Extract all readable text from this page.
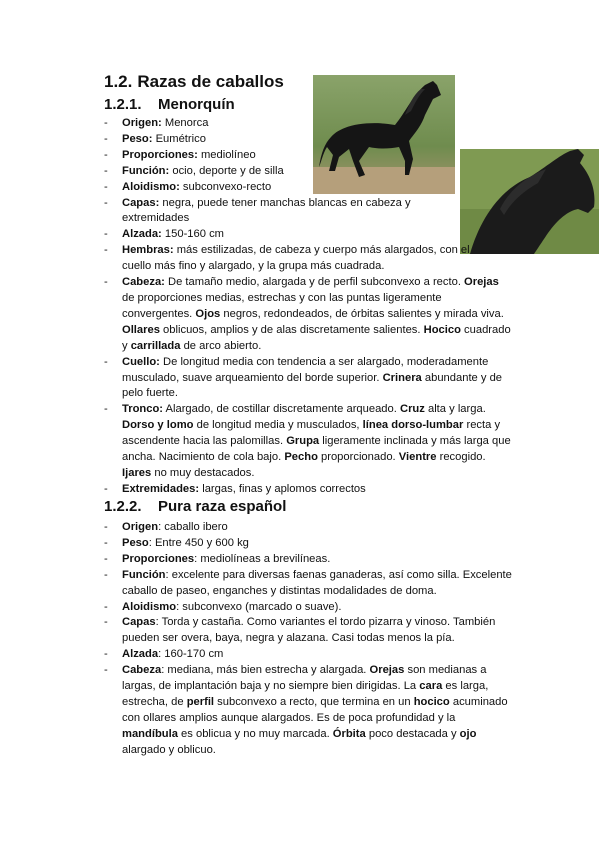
1.2. Razas de caballos
1.2.1. Menorquín
- Origen: Menorca
- Peso: Eumétrico
- Proporciones: mediolíneo
- Función: ocio, deporte y de silla
- Aloidismo: subconvexo-recto
- Capas: negra, puede tener manchas blancas en cabeza y extremidades
- Alzada: 150-160 cm
- Hembras: más estilizadas, de cabeza y cuerpo más alargados, con el cuello más fino y alargado, y la grupa más cuadrada.
- Cabeza: De tamaño medio, alargada y de perfil subconvexo a recto. Orejas de proporciones medias, estrechas y con las puntas ligeramente convergentes. Ojos negros, redondeados, de órbitas salientes y mirada viva. Ollares oblicuos, amplios y de alas discretamente salientes. Hocico cuadrado y carrillada de arco abierto.
- Cuello: De longitud media con tendencia a ser alargado, moderadamente musculado, suave arqueamiento del borde superior. Crinera abundante y de pelo fuerte.
- Tronco: Alargado, de costillar discretamente arqueado. Cruz alta y larga. Dorso y lomo de longitud media y musculados, línea dorso-lumbar recta y ascendente hacia las palomillas. Grupa ligeramente inclinada y más larga que ancha. Nacimiento de cola bajo. Pecho proporcionado. Vientre recogido. Ijares no muy destacados.
- Extremidades: largas, finas y aplomos correctos
1.2.2. Pura raza español
- Origen: caballo ibero
- Peso: Entre 450 y 600 kg
- Proporciones: mediolíneas a brevilíneas.
- Función: excelente para diversas faenas ganaderas, así como silla. Excelente caballo de paseo, enganches y distintas modalidades de doma.
- Aloidismo: subconvexo (marcado o suave).
- Capas: Torda y castaña. Como variantes el tordo pizarra y vinoso. También pueden ser overa, baya, negra y alazana. Casi todas menos la pía.
- Alzada: 160-170 cm
- Cabeza: mediana, más bien estrecha y alargada. Orejas son medianas a largas, de implantación baja y no siempre bien dirigidas. La cara es larga, estrecha, de perfil subconvexo a recto, que termina en un hocico acuminado con ollares amplios aunque alargados. Es de poca profundidad y la mandíbula es oblicua y no muy marcada. Órbita poco destacada y ojo alargado y oblicuo.
